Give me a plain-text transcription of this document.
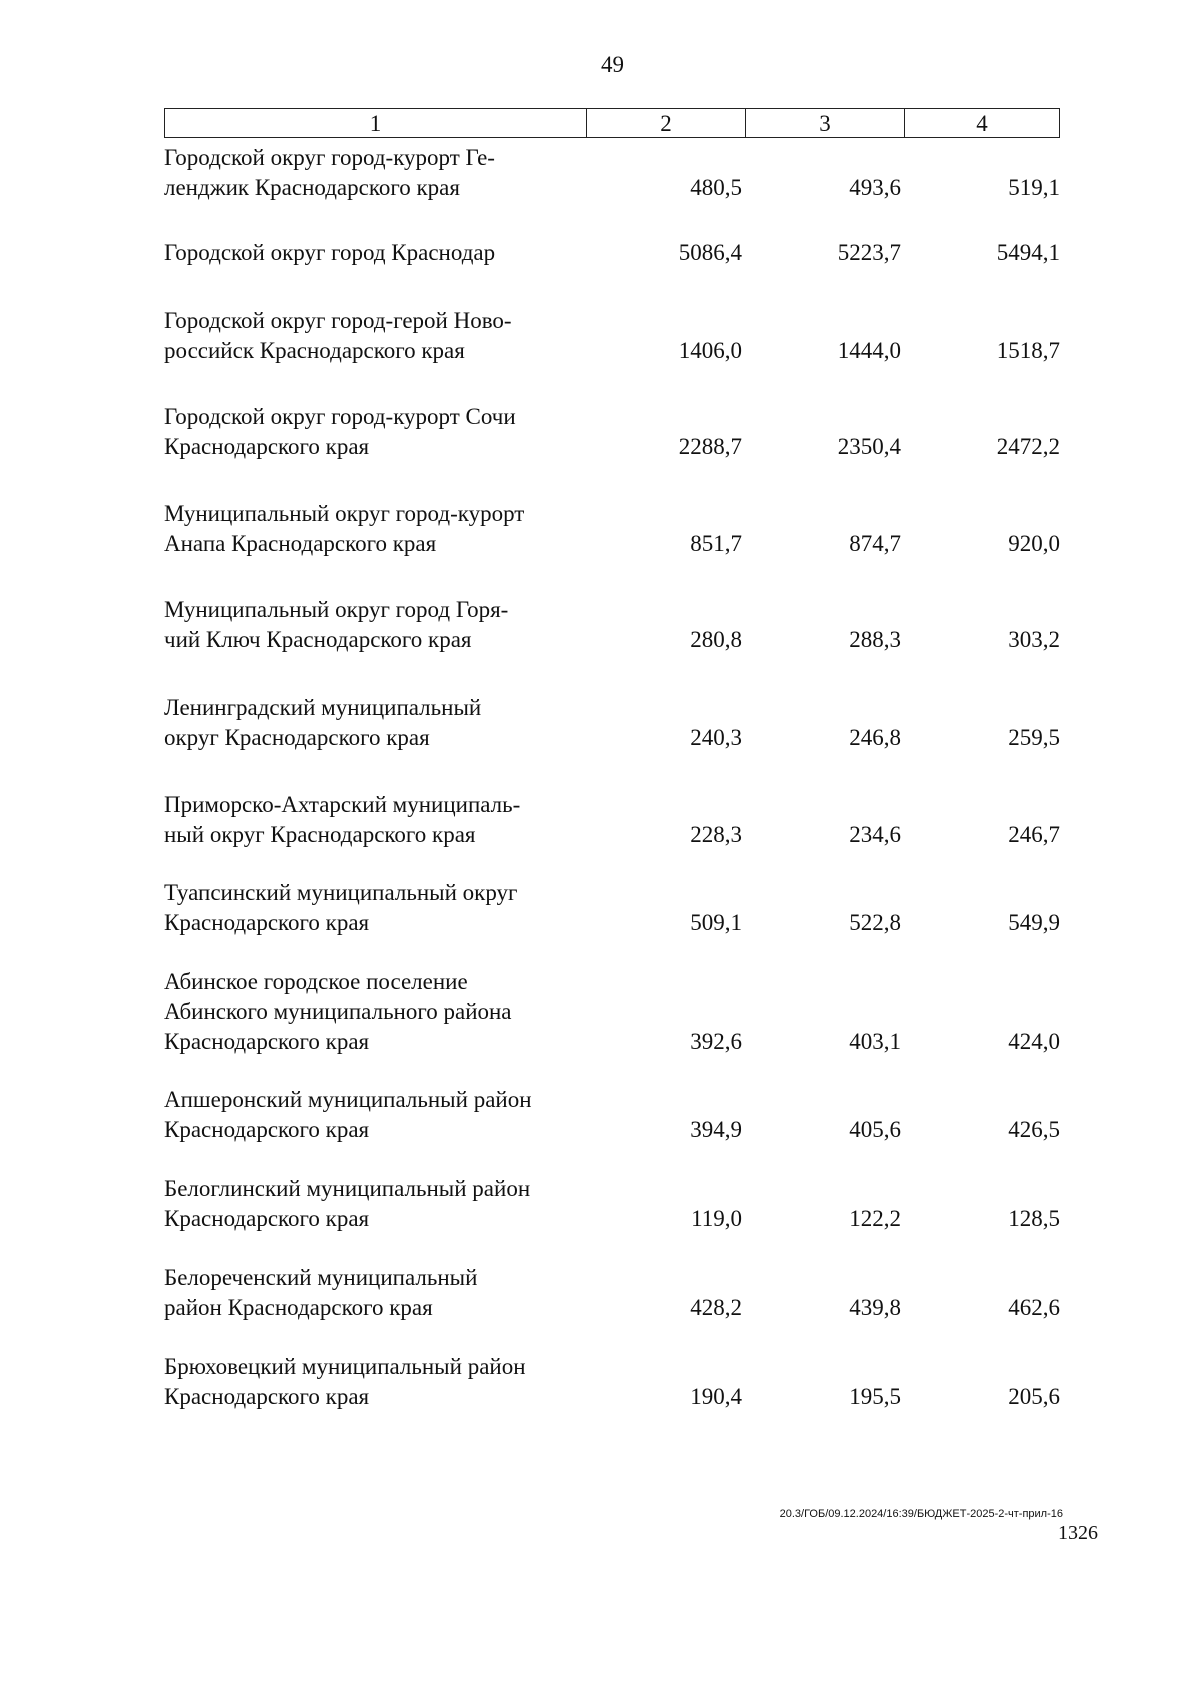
49
1	2	3	4
Городской округ город-курорт Ге-
ленджик Краснодарского края	480,5	493,6	519,1
Городской округ город Краснодар	5086,4	5223,7	5494,1
Городской округ город-герой Ново-
российск Краснодарского края	1406,0	1444,0	1518,7
Городской округ город-курорт Сочи
Краснодарского края	2288,7	2350,4	2472,2
Муниципальный округ город-курорт
Анапа Краснодарского края	851,7	874,7	920,0
Муниципальный округ город Горя-
чий Ключ Краснодарского края	280,8	288,3	303,2
Ленинградский муниципальный
округ Краснодарского края	240,3	246,8	259,5
Приморско-Ахтарский муниципаль-
ный округ Краснодарского края	228,3	234,6	246,7
Туапсинский муниципальный округ
Краснодарского края	509,1	522,8	549,9
Абинское городское поселение
Абинского муниципального района
Краснодарского края	392,6	403,1	424,0
Апшеронский муниципальный район
Краснодарского края	394,9	405,6	426,5
Белоглинский муниципальный район
Краснодарского края	119,0	122,2	128,5
Белореченский муниципальный
район Краснодарского края	428,2	439,8	462,6
Брюховецкий муниципальный район
Краснодарского края	190,4	195,5	205,6
20.3/ГОБ/09.12.2024/16:39/БЮДЖЕТ-2025-2-чт-прил-16
1326
